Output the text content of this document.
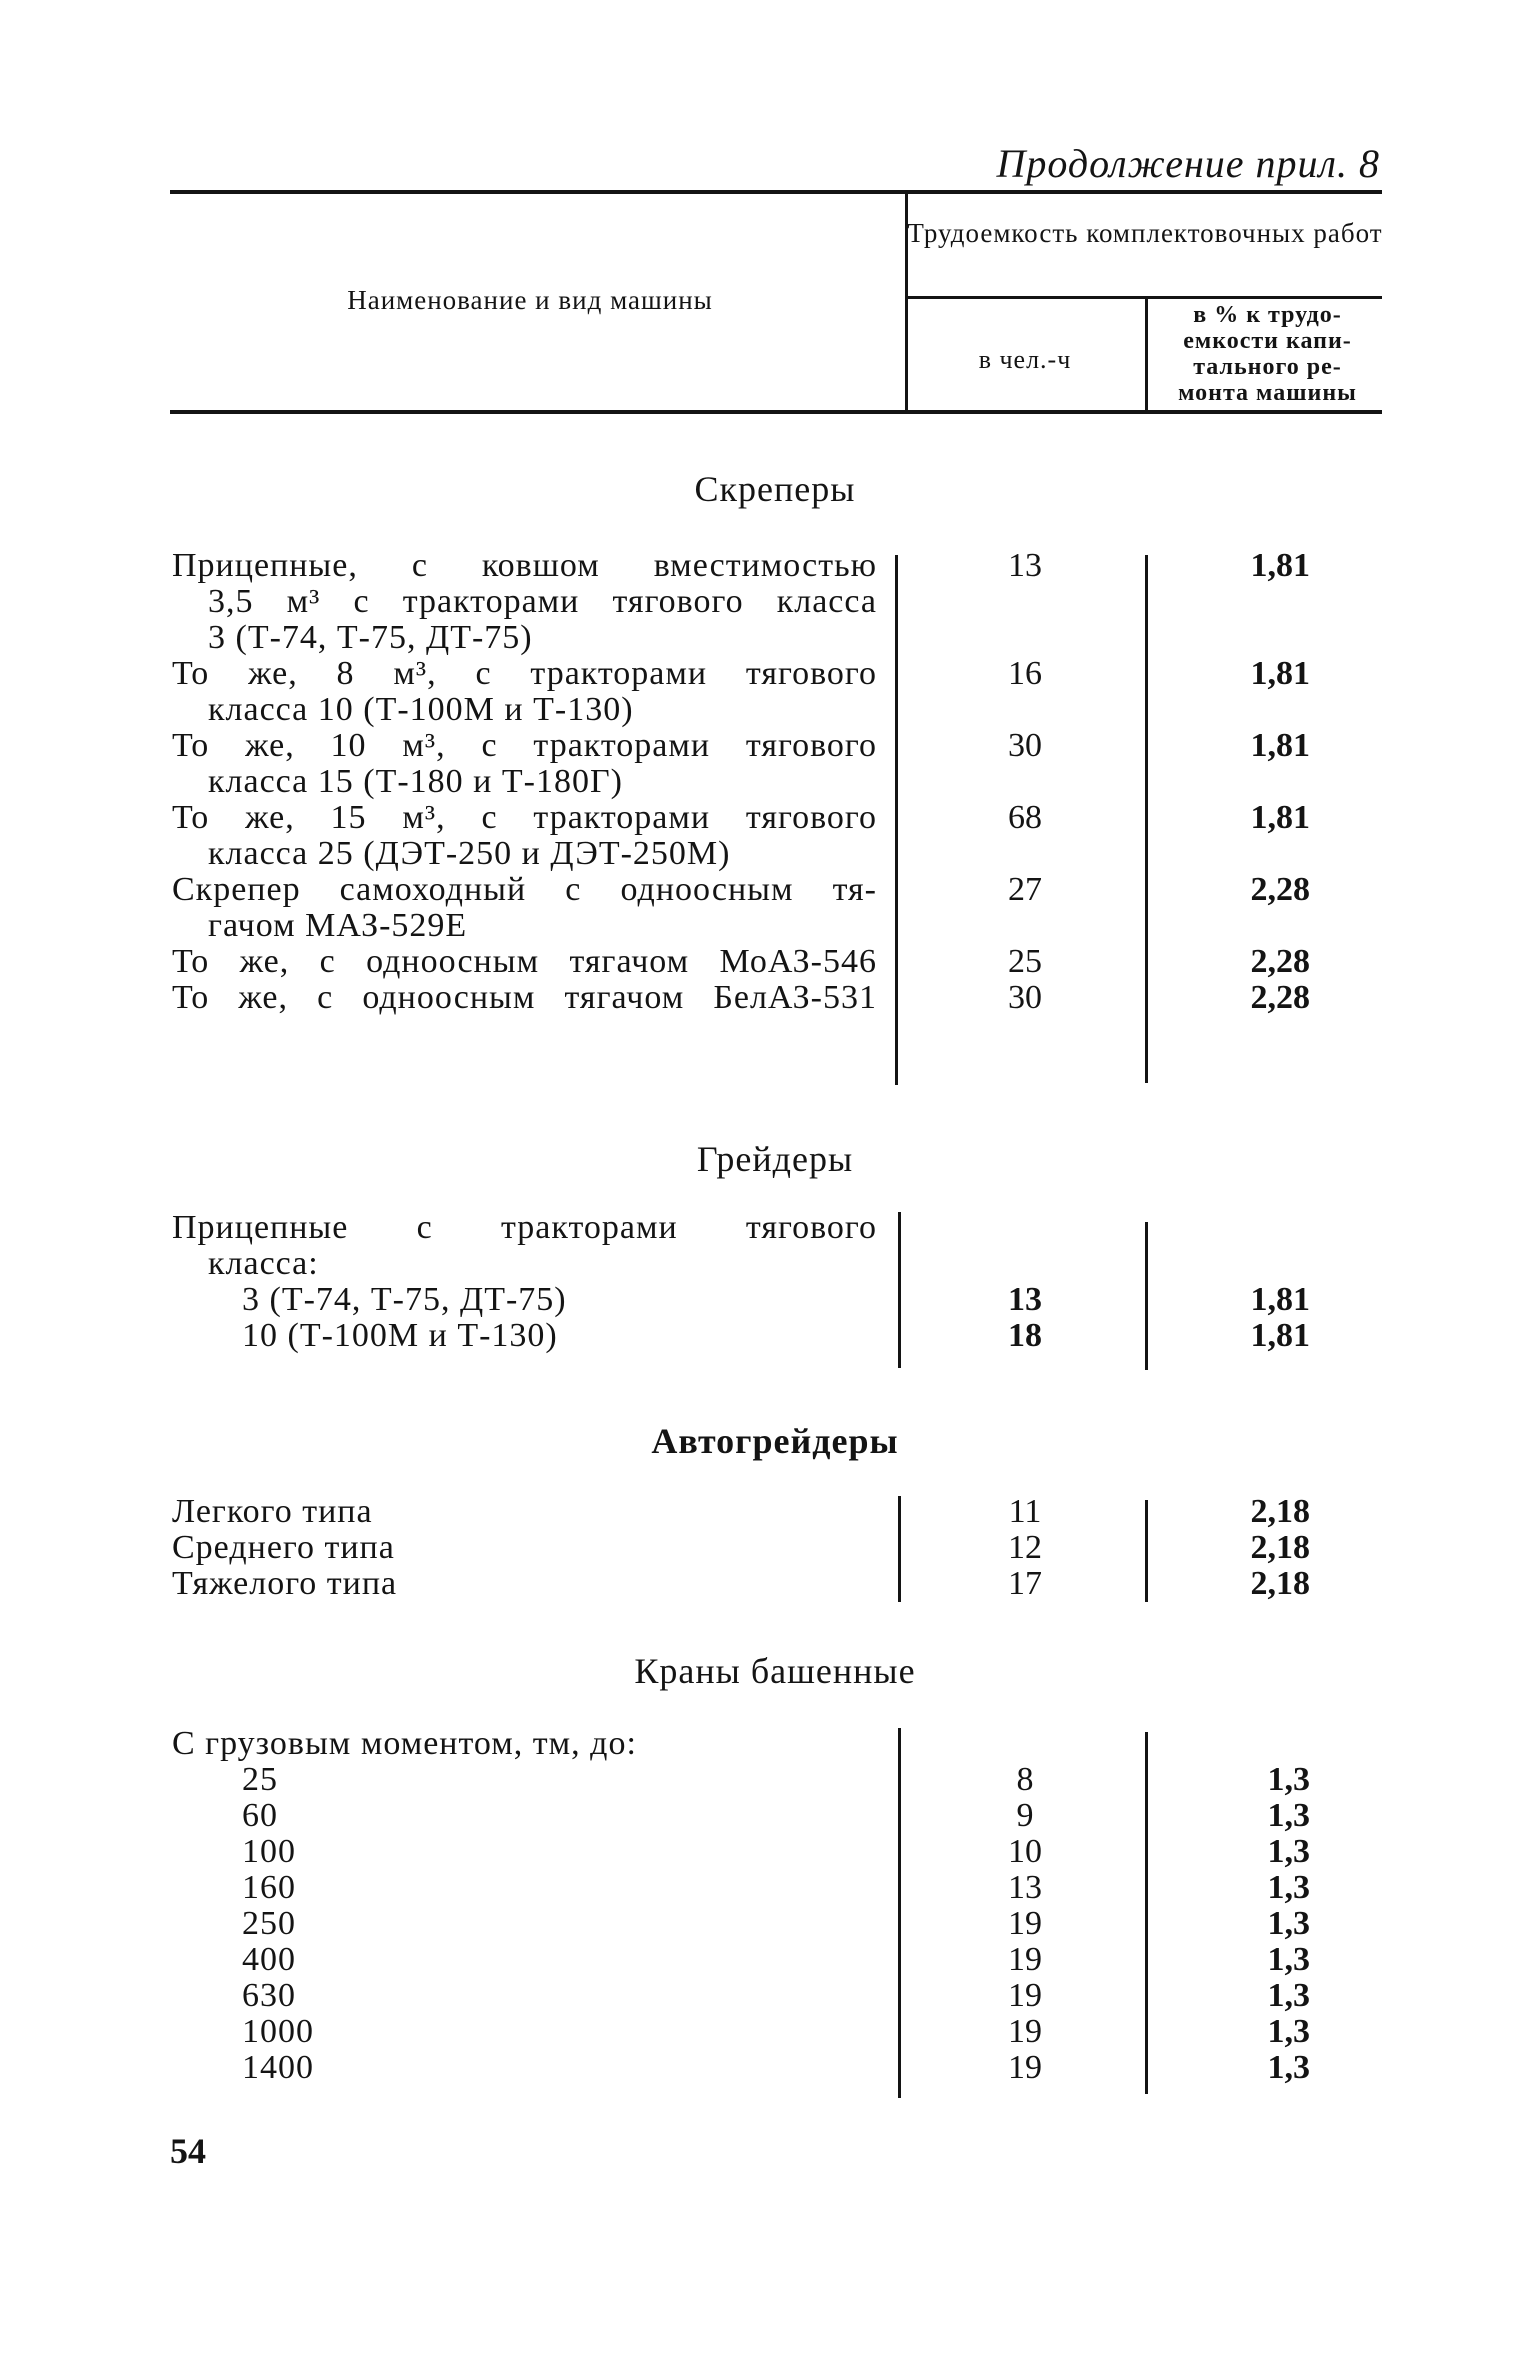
Продолжение прил. 8
Наименование и вид машины
Трудоемкость комплектовочных работ
в чел.-ч
в % к трудо-
емкости капи-
тального ре-
монта машины
Скреперы
Прицепные, с ковшом вместимостью
3,5 м³ с тракторами тягового класса
3 (Т-74, Т-75, ДТ-75)
13	1,81
То же, 8 м³, с тракторами тягового
класса 10 (Т-100М и Т-130)
16	1,81
То же, 10 м³, с тракторами тягового
класса 15 (Т-180 и Т-180Г)
30	1,81
То же, 15 м³, с тракторами тягового
класса 25 (ДЭТ-250 и ДЭТ-250М)
68	1,81
Скрепер самоходный с одноосным тя-
гачом МАЗ-529Е
27	2,28
То же, с одноосным тягачом МоАЗ-546	25	2,28
То же, с одноосным тягачом БелАЗ-531	30	2,28
Грейдеры
Прицепные с тракторами тягового
класса:
3 (Т-74, Т-75, ДТ-75)	13	1,81
10 (Т-100М и Т-130)	18	1,81
Автогрейдеры
Легкого типа	11	2,18
Среднего типа	12	2,18
Тяжелого типа	17	2,18
Краны башенные
С грузовым моментом, тм, до:
25	8	1,3
60	9	1,3
100	10	1,3
160	13	1,3
250	19	1,3
400	19	1,3
630	19	1,3
1000	19	1,3
1400	19	1,3
54
